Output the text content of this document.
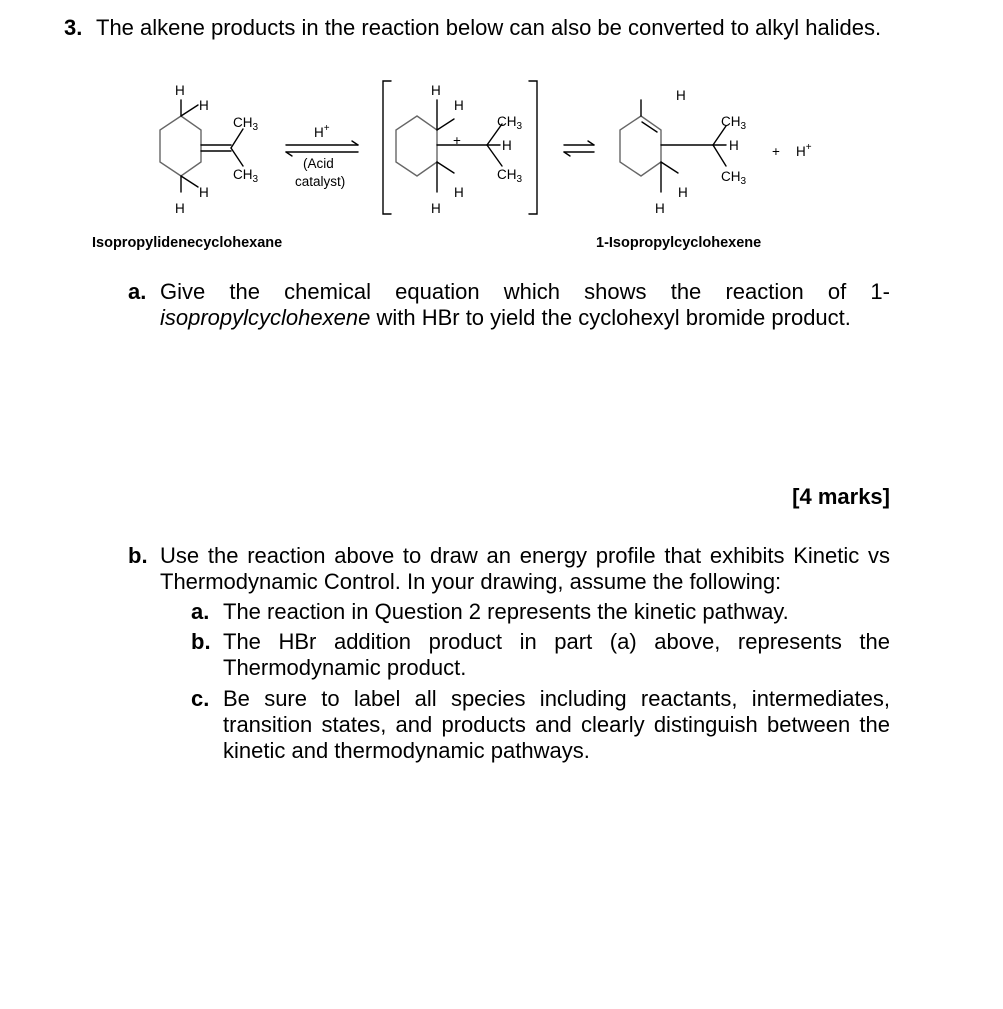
3. The alkene products in the reaction below can also be converted to alkyl halides.
H
H
H
H
$CH_3$
$CH_3$
H+
(Acid
catalyst)
H
H
+
H
H
$CH_3$
H
$CH_3$
H
$CH_3$
H
$CH_3$
H
H
+ H+
Isopropylidenecyclohexane	1-Isopropylcyclohexene
a. Give the chemical equation which shows the reaction of 1-isopropylcyclohexene with HBr to yield the cyclohexyl bromide product.
[4 marks]
b. Use the reaction above to draw an energy profile that exhibits Kinetic vs Thermodynamic Control. In your drawing, assume the following:
a. The reaction in Question 2 represents the kinetic pathway.
b. The HBr addition product in part (a) above, represents the Thermodynamic product.
c. Be sure to label all species including reactants, intermediates, transition states, and products and clearly distinguish between the kinetic and thermodynamic pathways.
